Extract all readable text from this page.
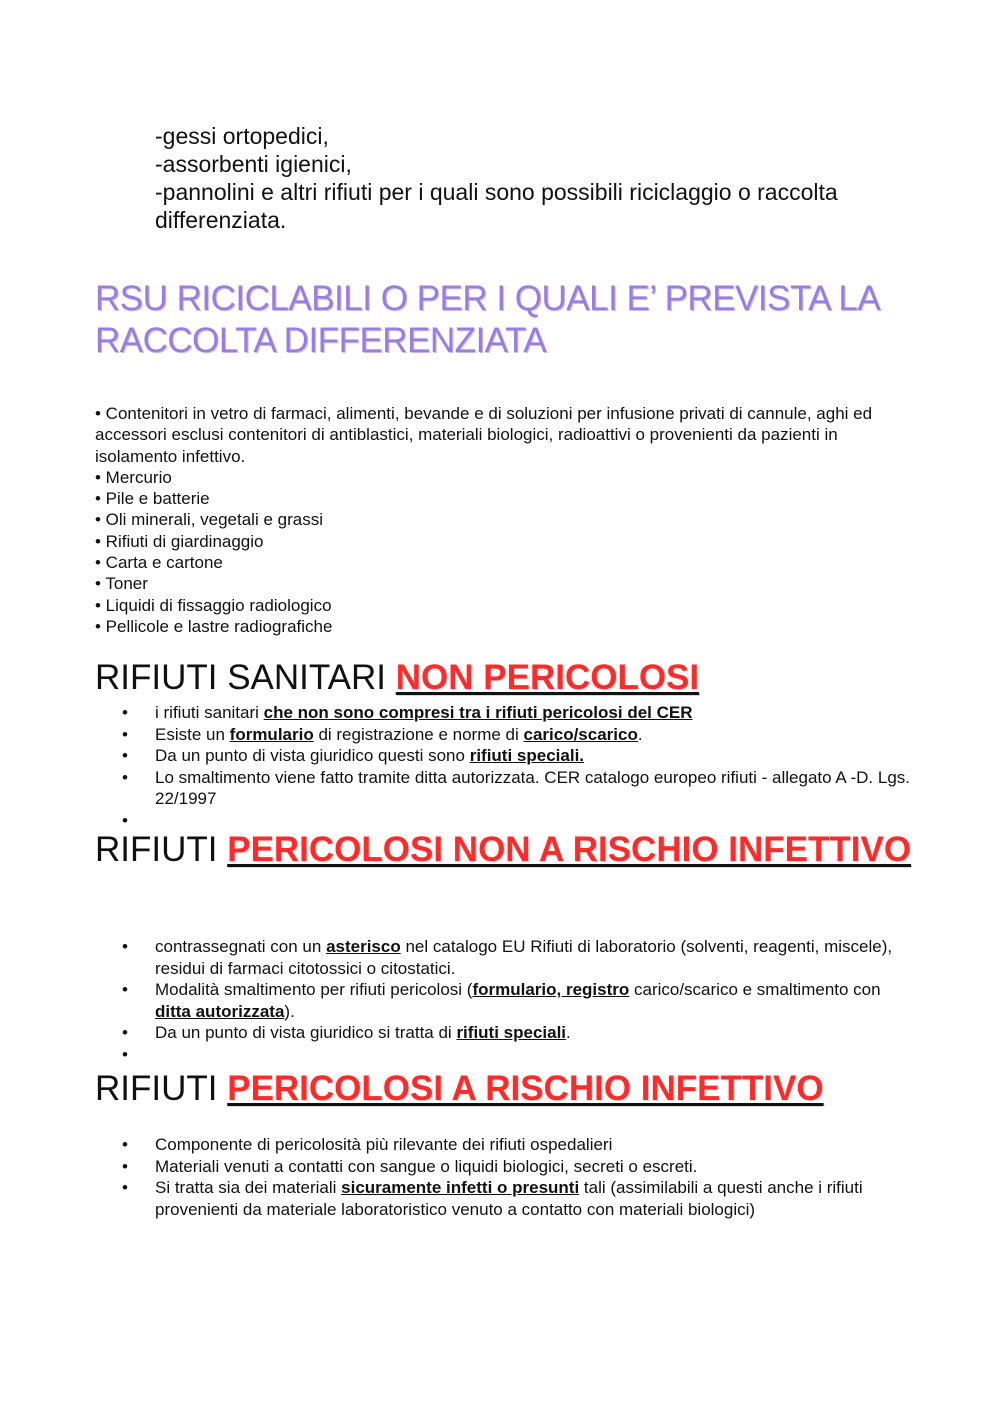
-gessi ortopedici,
-assorbenti igienici,
-pannolini e altri rifiuti per i quali sono possibili riciclaggio o raccolta differenziata.
RSU RICICLABILI O PER I QUALI E’ PREVISTA LA RACCOLTA DIFFERENZIATA
• Contenitori in vetro di farmaci, alimenti, bevande e di soluzioni per infusione privati di cannule, aghi ed accessori esclusi contenitori di antiblastici, materiali biologici, radioattivi o provenienti da pazienti in isolamento infettivo.
• Mercurio
• Pile e batterie
• Oli minerali, vegetali e grassi
• Rifiuti di giardinaggio
• Carta e cartone
• Toner
• Liquidi di fissaggio radiologico
• Pellicole e lastre radiografiche
RIFIUTI SANITARI NON PERICOLOSI
• i rifiuti sanitari che non sono compresi tra i rifiuti pericolosi del CER
• Esiste un formulario di registrazione e norme di carico/scarico.
• Da un punto di vista giuridico questi sono rifiuti speciali.
• Lo smaltimento viene fatto tramite ditta autorizzata. CER catalogo europeo rifiuti - allegato A -D. Lgs. 22/1997
•
RIFIUTI PERICOLOSI NON A RISCHIO INFETTIVO
• contrassegnati con un asterisco nel catalogo EU Rifiuti di laboratorio (solventi, reagenti, miscele), residui di farmaci citotossici o citostatici.
• Modalità smaltimento per rifiuti pericolosi (formulario, registro carico/scarico e smaltimento con ditta autorizzata).
• Da un punto di vista giuridico si tratta di rifiuti speciali.
•
RIFIUTI PERICOLOSI A RISCHIO INFETTIVO
• Componente di pericolosità più rilevante dei rifiuti ospedalieri
• Materiali venuti a contatti con sangue o liquidi biologici, secreti o escreti.
• Si tratta sia dei materiali sicuramente infetti o presunti tali (assimilabili a questi anche i rifiuti provenienti da materiale laboratoristico venuto a contatto con materiali biologici)
